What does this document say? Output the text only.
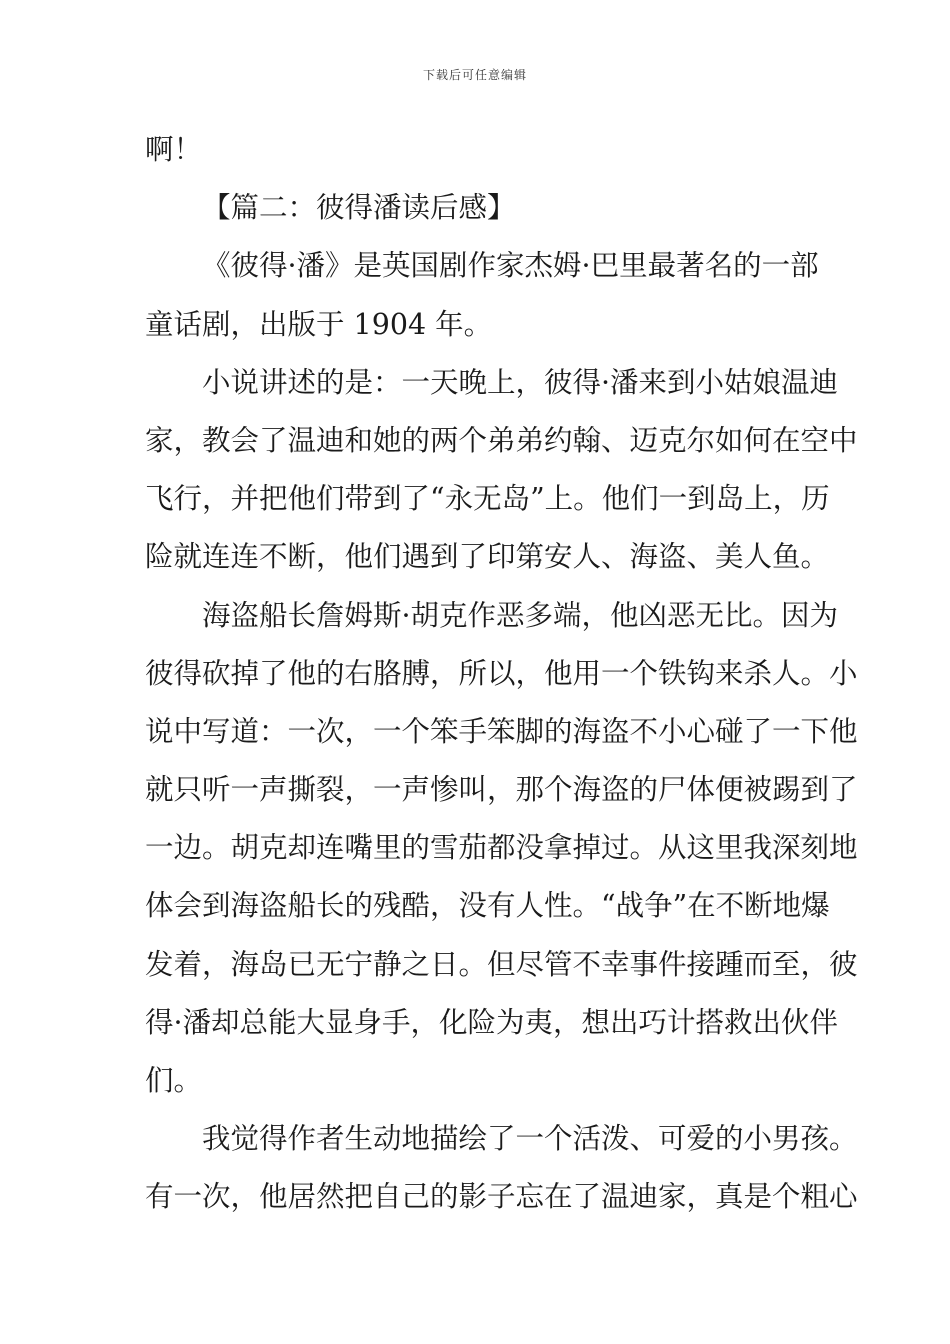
下载后可任意编辑
啊！
【篇二：彼得潘读后感】
《彼得·潘》是英国剧作家杰姆·巴里最著名的一部
童话剧，出版于 1904 年。
小说讲述的是：一天晚上，彼得·潘来到小姑娘温迪
家，教会了温迪和她的两个弟弟约翰、迈克尔如何在空中
飞行，并把他们带到了“永无岛”上。他们一到岛上，历
险就连连不断，他们遇到了印第安人、海盗、美人鱼。
海盗船长詹姆斯·胡克作恶多端，他凶恶无比。因为
彼得砍掉了他的右胳膊，所以，他用一个铁钩来杀人。小
说中写道：一次，一个笨手笨脚的海盗不小心碰了一下他
就只听一声撕裂，一声惨叫，那个海盗的尸体便被踢到了
一边。胡克却连嘴里的雪茄都没拿掉过。从这里我深刻地
体会到海盗船长的残酷，没有人性。“战争”在不断地爆
发着，海岛已无宁静之日。但尽管不幸事件接踵而至，彼
得·潘却总能大显身手，化险为夷，想出巧计搭救出伙伴
们。
我觉得作者生动地描绘了一个活泼、可爱的小男孩。
有一次，他居然把自己的影子忘在了温迪家，真是个粗心
